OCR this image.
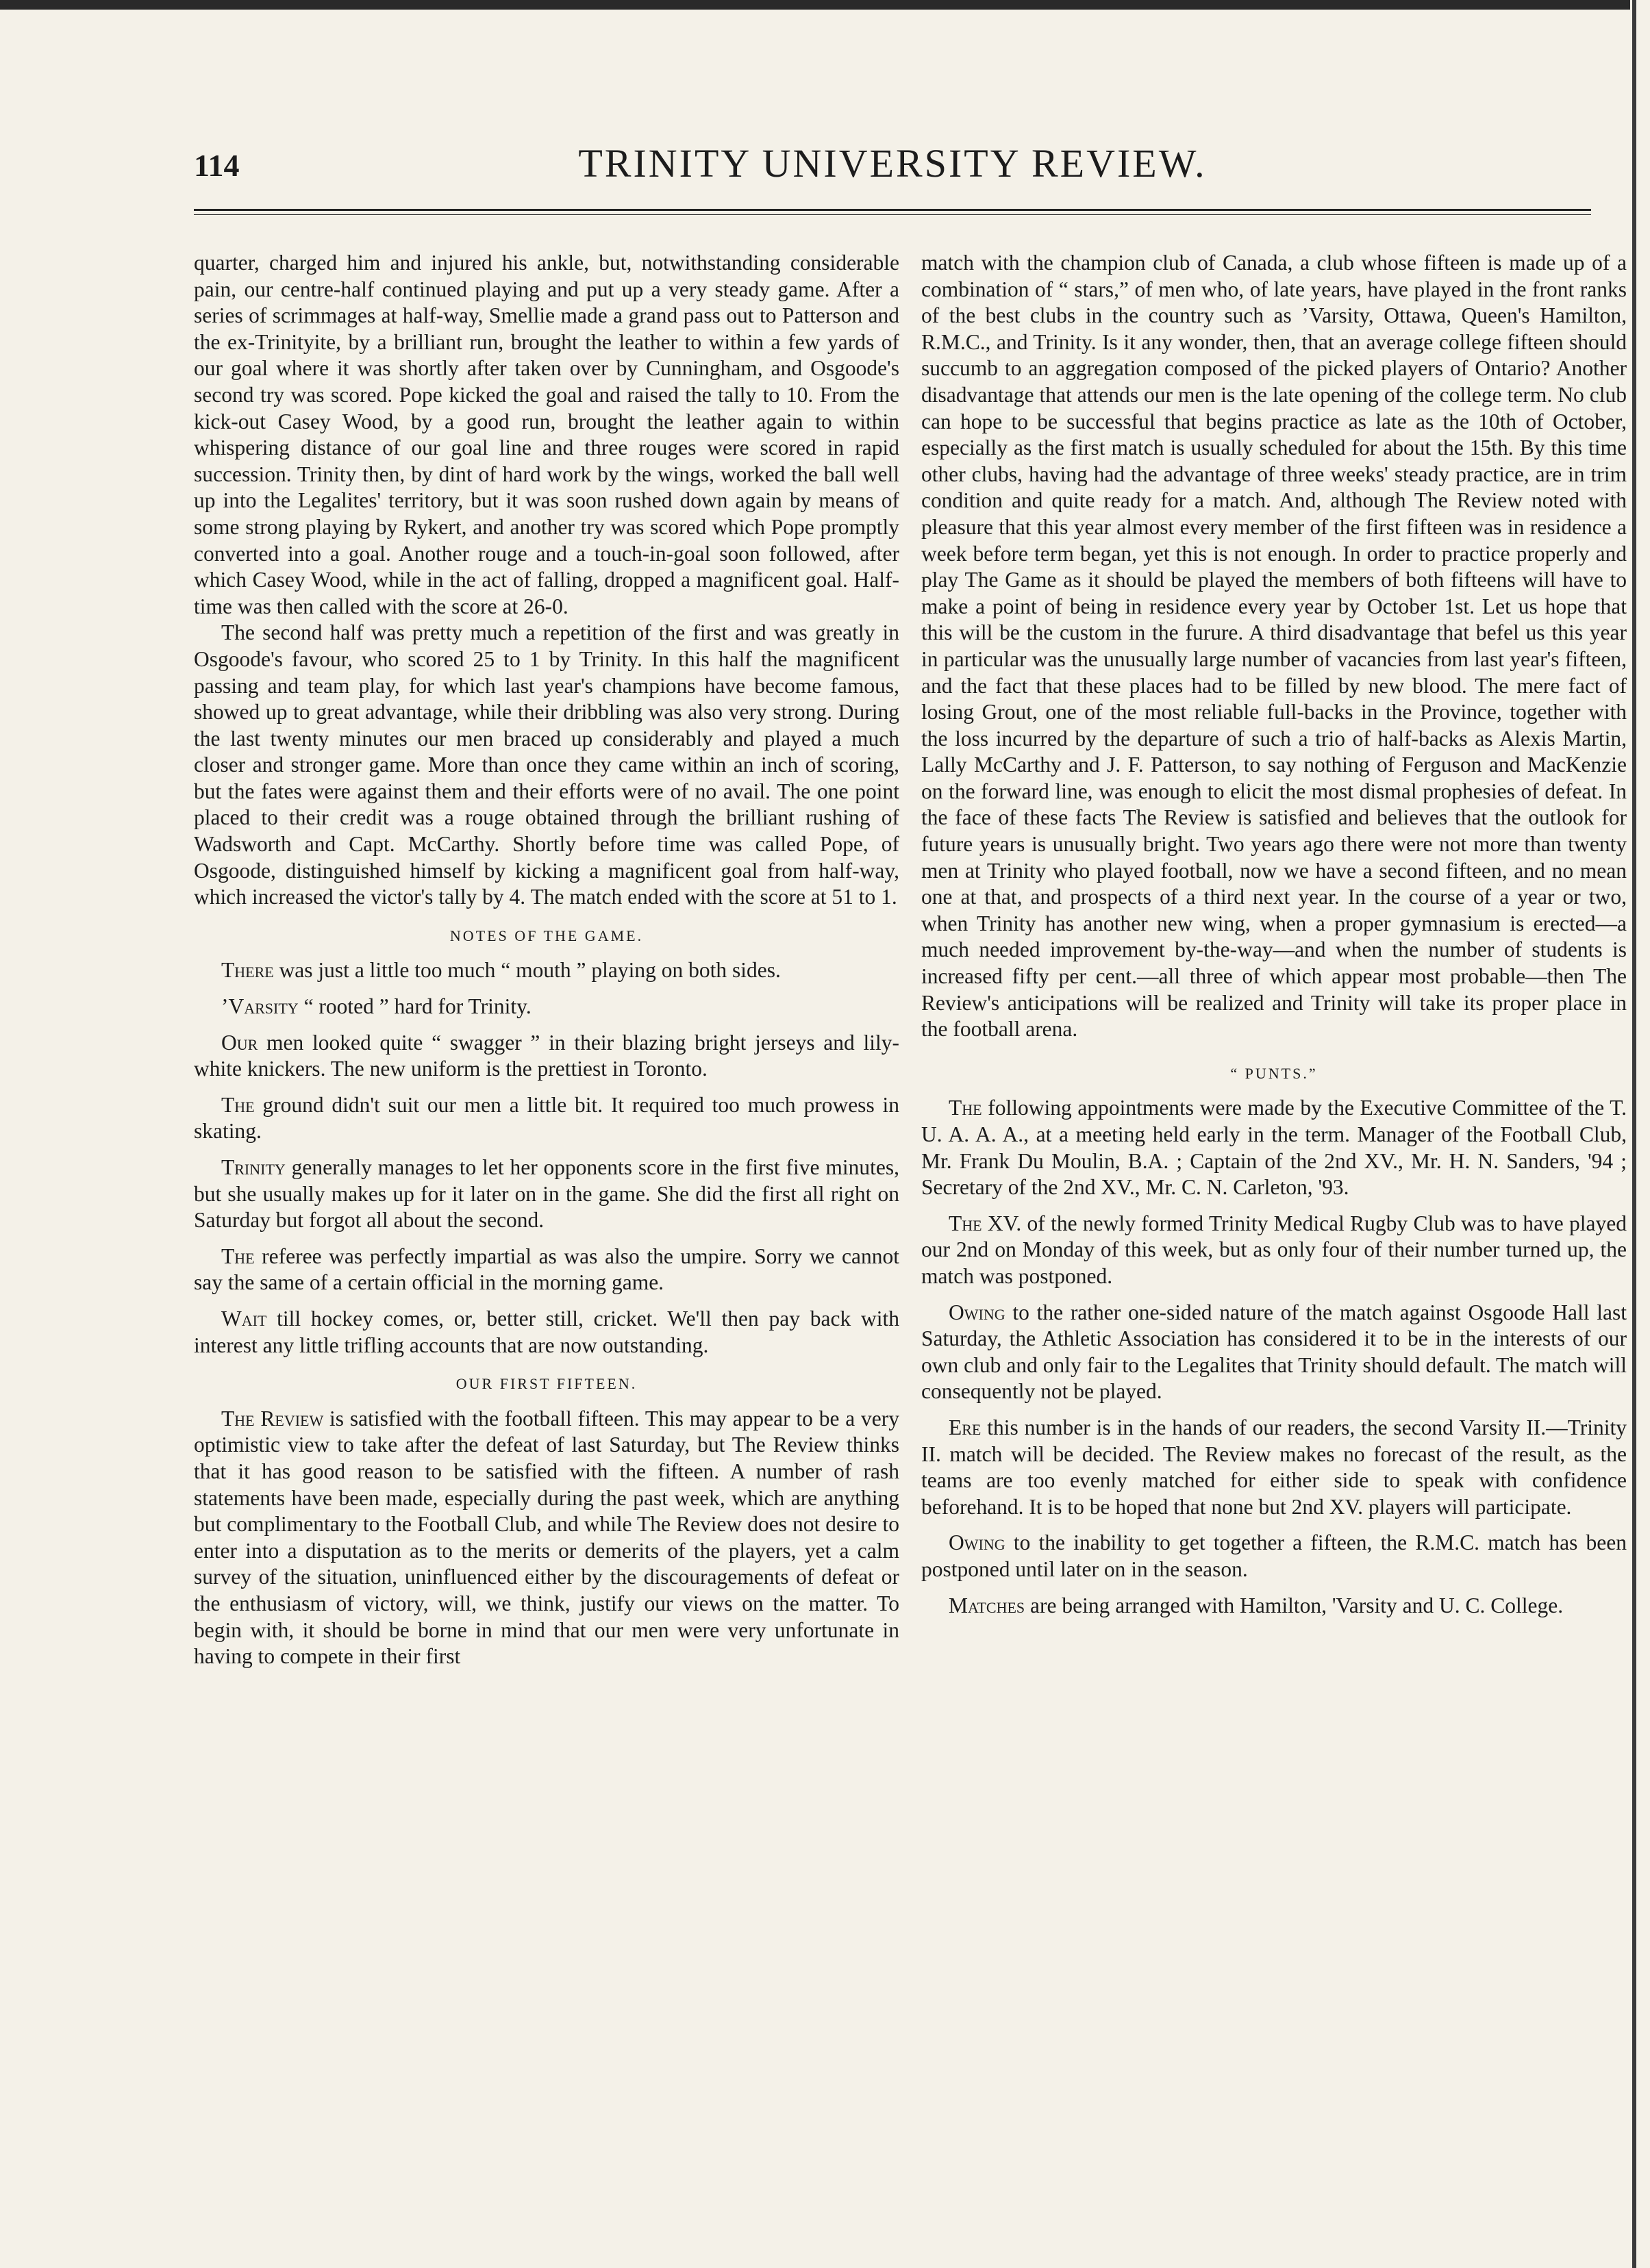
114	TRINITY UNIVERSITY REVIEW.

quarter, charged him and injured his ankle, but, notwithstanding considerable pain, our centre-half continued playing and put up a very steady game. After a series of scrimmages at half-way, Smellie made a grand pass out to Patterson and the ex-Trinityite, by a brilliant run, brought the leather to within a few yards of our goal where it was shortly after taken over by Cunningham, and Osgoode's second try was scored. Pope kicked the goal and raised the tally to 10. From the kick-out Casey Wood, by a good run, brought the leather again to within whispering distance of our goal line and three rouges were scored in rapid succession. Trinity then, by dint of hard work by the wings, worked the ball well up into the Legalites' territory, but it was soon rushed down again by means of some strong playing by Rykert, and another try was scored which Pope promptly converted into a goal. Another rouge and a touch-in-goal soon followed, after which Casey Wood, while in the act of falling, dropped a magnificent goal. Half-time was then called with the score at 26-0.

The second half was pretty much a repetition of the first and was greatly in Osgoode's favour, who scored 25 to 1 by Trinity. In this half the magnificent passing and team play, for which last year's champions have become famous, showed up to great advantage, while their dribbling was also very strong. During the last twenty minutes our men braced up considerably and played a much closer and stronger game. More than once they came within an inch of scoring, but the fates were against them and their efforts were of no avail. The one point placed to their credit was a rouge obtained through the brilliant rushing of Wadsworth and Capt. McCarthy. Shortly before time was called Pope, of Osgoode, distinguished himself by kicking a magnificent goal from half-way, which increased the victor's tally by 4. The match ended with the score at 51 to 1.

NOTES OF THE GAME.

There was just a little too much “ mouth ” playing on both sides.

’Varsity “ rooted ” hard for Trinity.

Our men looked quite “ swagger ” in their blazing bright jerseys and lily-white knickers. The new uniform is the prettiest in Toronto.

The ground didn't suit our men a little bit. It required too much prowess in skating.

Trinity generally manages to let her opponents score in the first five minutes, but she usually makes up for it later on in the game. She did the first all right on Saturday but forgot all about the second.

The referee was perfectly impartial as was also the umpire. Sorry we cannot say the same of a certain official in the morning game.

Wait till hockey comes, or, better still, cricket. We'll then pay back with interest any little trifling accounts that are now outstanding.

OUR FIRST FIFTEEN.

The Review is satisfied with the football fifteen. This may appear to be a very optimistic view to take after the defeat of last Saturday, but The Review thinks that it has good reason to be satisfied with the fifteen. A number of rash statements have been made, especially during the past week, which are anything but complimentary to the Football Club, and while The Review does not desire to enter into a disputation as to the merits or demerits of the players, yet a calm survey of the situation, uninfluenced either by the discouragements of defeat or the enthusiasm of victory, will, we think, justify our views on the matter. To begin with, it should be borne in mind that our men were very unfortunate in having to compete in their first

match with the champion club of Canada, a club whose fifteen is made up of a combination of “ stars,” of men who, of late years, have played in the front ranks of the best clubs in the country such as ’Varsity, Ottawa, Queen's Hamilton, R.M.C., and Trinity. Is it any wonder, then, that an average college fifteen should succumb to an aggregation composed of the picked players of Ontario? Another disadvantage that attends our men is the late opening of the college term. No club can hope to be successful that begins practice as late as the 10th of October, especially as the first match is usually scheduled for about the 15th. By this time other clubs, having had the advantage of three weeks' steady practice, are in trim condition and quite ready for a match. And, although The Review noted with pleasure that this year almost every member of the first fifteen was in residence a week before term began, yet this is not enough. In order to practice properly and play The Game as it should be played the members of both fifteens will have to make a point of being in residence every year by October 1st. Let us hope that this will be the custom in the furure. A third disadvantage that befel us this year in particular was the unusually large number of vacancies from last year's fifteen, and the fact that these places had to be filled by new blood. The mere fact of losing Grout, one of the most reliable full-backs in the Province, together with the loss incurred by the departure of such a trio of half-backs as Alexis Martin, Lally McCarthy and J. F. Patterson, to say nothing of Ferguson and MacKenzie on the forward line, was enough to elicit the most dismal prophesies of defeat. In the face of these facts The Review is satisfied and believes that the outlook for future years is unusually bright. Two years ago there were not more than twenty men at Trinity who played football, now we have a second fifteen, and no mean one at that, and prospects of a third next year. In the course of a year or two, when Trinity has another new wing, when a proper gymnasium is erected—a much needed improvement by-the-way—and when the number of students is increased fifty per cent.—all three of which appear most probable—then The Review's anticipations will be realized and Trinity will take its proper place in the football arena.

“ PUNTS.”

The following appointments were made by the Executive Committee of the T. U. A. A. A., at a meeting held early in the term. Manager of the Football Club, Mr. Frank Du Moulin, B.A. ; Captain of the 2nd XV., Mr. H. N. Sanders, '94 ; Secretary of the 2nd XV., Mr. C. N. Carleton, '93.

The XV. of the newly formed Trinity Medical Rugby Club was to have played our 2nd on Monday of this week, but as only four of their number turned up, the match was postponed.

Owing to the rather one-sided nature of the match against Osgoode Hall last Saturday, the Athletic Association has considered it to be in the interests of our own club and only fair to the Legalites that Trinity should default. The match will consequently not be played.

Ere this number is in the hands of our readers, the second Varsity II.—Trinity II. match will be decided. The Review makes no forecast of the result, as the teams are too evenly matched for either side to speak with confidence beforehand. It is to be hoped that none but 2nd XV. players will participate.

Owing to the inability to get together a fifteen, the R.M.C. match has been postponed until later on in the season.

Matches are being arranged with Hamilton, 'Varsity and U. C. College.
